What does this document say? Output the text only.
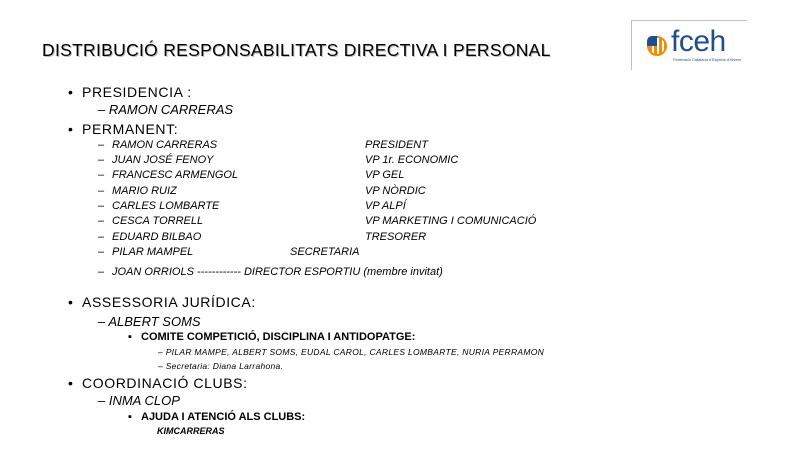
DISTRIBUCIÓ RESPONSABILITATS DIRECTIVA I PERSONAL	fceh
Federació Catalana d'Esports d'Hivern
• PRESIDENCIA :
– RAMON CARRERAS
• PERMANENT:
– RAMON CARRERAS	PRESIDENT
– JUAN JOSÉ FENOY	VP 1r. ECONOMIC
– FRANCESC ARMENGOL	VP GEL
– MARIO RUIZ	VP NÒRDIC
– CARLES LOMBARTE	VP ALPÍ
– CESCA TORRELL	VP MARKETING I COMUNICACIÓ
– EDUARD BILBAO	TRESORER
– PILAR MAMPEL	SECRETARIA
– JOAN ORRIOLS ------------ DIRECTOR ESPORTIU (membre invitat)
• ASSESSORIA JURÍDICA:
– ALBERT SOMS
▪ COMITE COMPETICIÓ, DISCIPLINA I ANTIDOPATGE:
– PILAR MAMPE, ALBERT SOMS, EUDAL CAROL, CARLES LOMBARTE, NURIA PERRAMON
– Secretaria: Diana Larrahona.
• COORDINACIÓ CLUBS:
– INMA CLOP
▪ AJUDA I ATENCIÓ ALS CLUBS:
KIMCARRERAS
